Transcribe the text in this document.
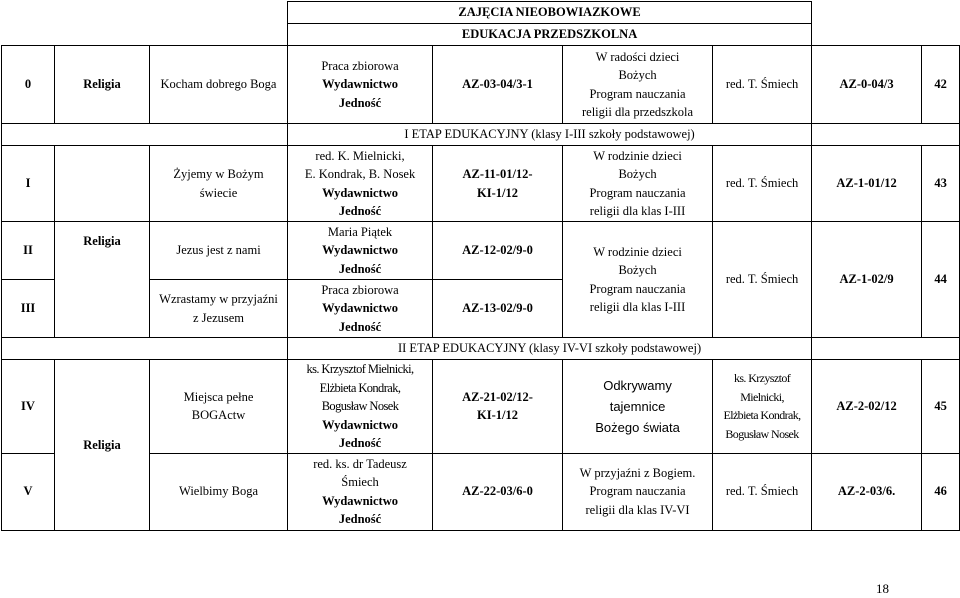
			ZAJĘCIA NIEOBOWIAZKOWE					
			EDUKACJA PRZEDSZKOLNA					
0	Religia	Kocham dobrego Boga	Praca zbiorowa
Wydawnictwo
Jedność	AZ-03-04/3-1	W radości dzieci
Bożych
Program nauczania
religii dla przedszkola	red. T. Śmiech	AZ-0-04/3	42
			I ETAP EDUKACYJNY (klasy I-III szkoły podstawowej)					
I		Żyjemy w Bożym
świecie	red. K. Mielnicki,
E. Kondrak, B. Nosek
Wydawnictwo
Jedność	AZ-11-01/12-
KI-1/12	W rodzinie dzieci
Bożych
Program nauczania
religii dla klas I-III	red. T. Śmiech	AZ-1-01/12	43
II	Religia	Jezus jest z nami	Maria Piątek
Wydawnictwo
Jedność	AZ-12-02/9-0	W rodzinie dzieci
Bożych
Program nauczania
religii dla klas I-III	red. T. Śmiech	AZ-1-02/9	44
III		Wzrastamy w przyjaźni
z Jezusem	Praca zbiorowa
Wydawnictwo
Jedność	AZ-13-02/9-0				
			II ETAP EDUKACYJNY (klasy IV-VI szkoły podstawowej)					
IV	Religia	Miejsca pełne
BOGActw	ks. Krzysztof Mielnicki,
Elżbieta Kondrak,
Bogusław Nosek
Wydawnictwo
Jedność	AZ-21-02/12-
KI-1/12	Odkrywamy
tajemnice
Bożego świata	ks. Krzysztof Mielnicki,
Elżbieta Kondrak,
Bogusław Nosek	AZ-2-02/12	45
V		Wielbimy Boga	red. ks. dr Tadeusz
Śmiech
Wydawnictwo
Jedność	AZ-22-03/6-0	W przyjaźni z Bogiem.
Program nauczania
religii dla klas IV-VI	red. T. Śmiech	AZ-2-03/6.	46
18
